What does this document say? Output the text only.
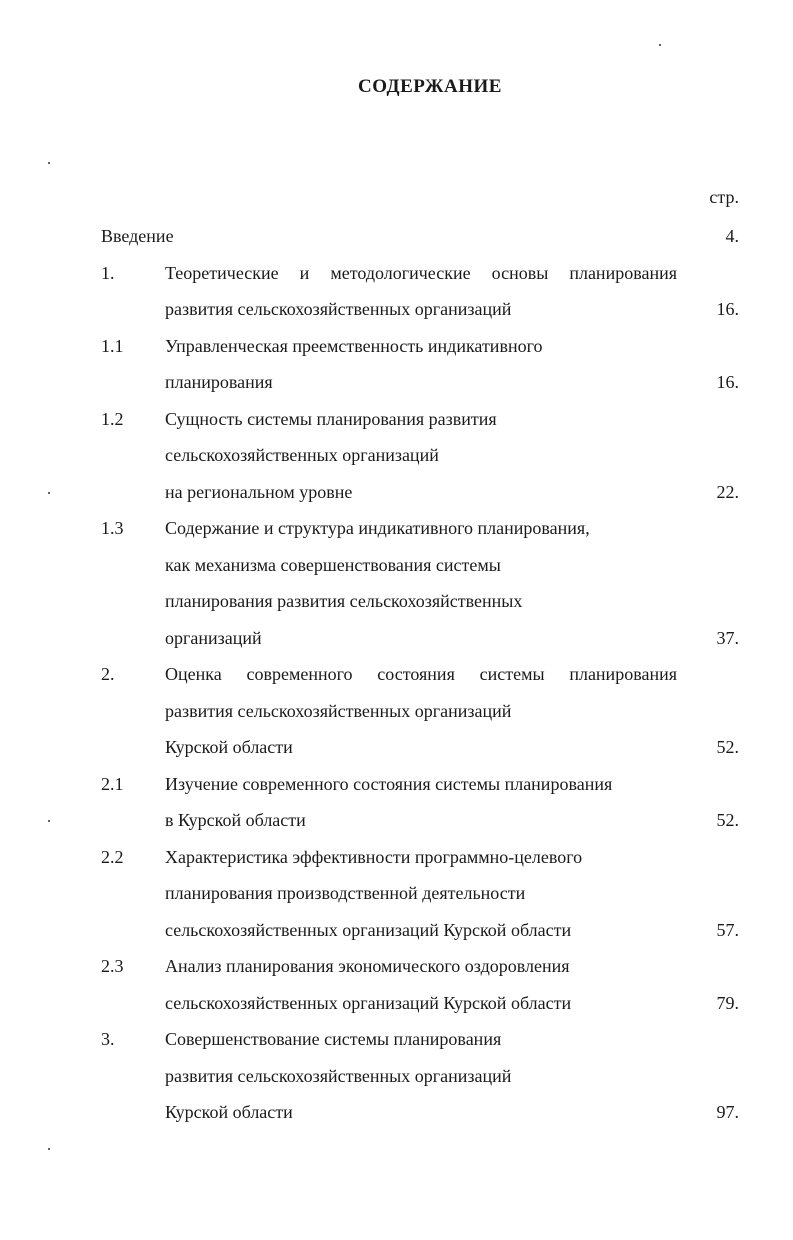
СОДЕРЖАНИЕ
стр.
Введение	4.
1.	Теоретические и методологические основы планирования
развития сельскохозяйственных организаций	16.
1.1 Управленческая преемственность индикативного
планирования	16.
1.2 Сущность системы планирования развития
сельскохозяйственных организаций
на региональном уровне	22.
1.3 Содержание и структура индикативного планирования,
как механизма совершенствования системы
планирования развития сельскохозяйственных
организаций	37.
2.	Оценка современного состояния системы планирования
развития сельскохозяйственных организаций
Курской области	52.
2.1 Изучение современного состояния системы планирования
в Курской области	52.
2.2 Характеристика эффективности программно-целевого
планирования производственной деятельности
сельскохозяйственных организаций Курской области	57.
2.3 Анализ планирования экономического оздоровления
сельскохозяйственных организаций Курской области	79.
3.	Совершенствование системы планирования
развития сельскохозяйственных организаций
Курской области	97.
